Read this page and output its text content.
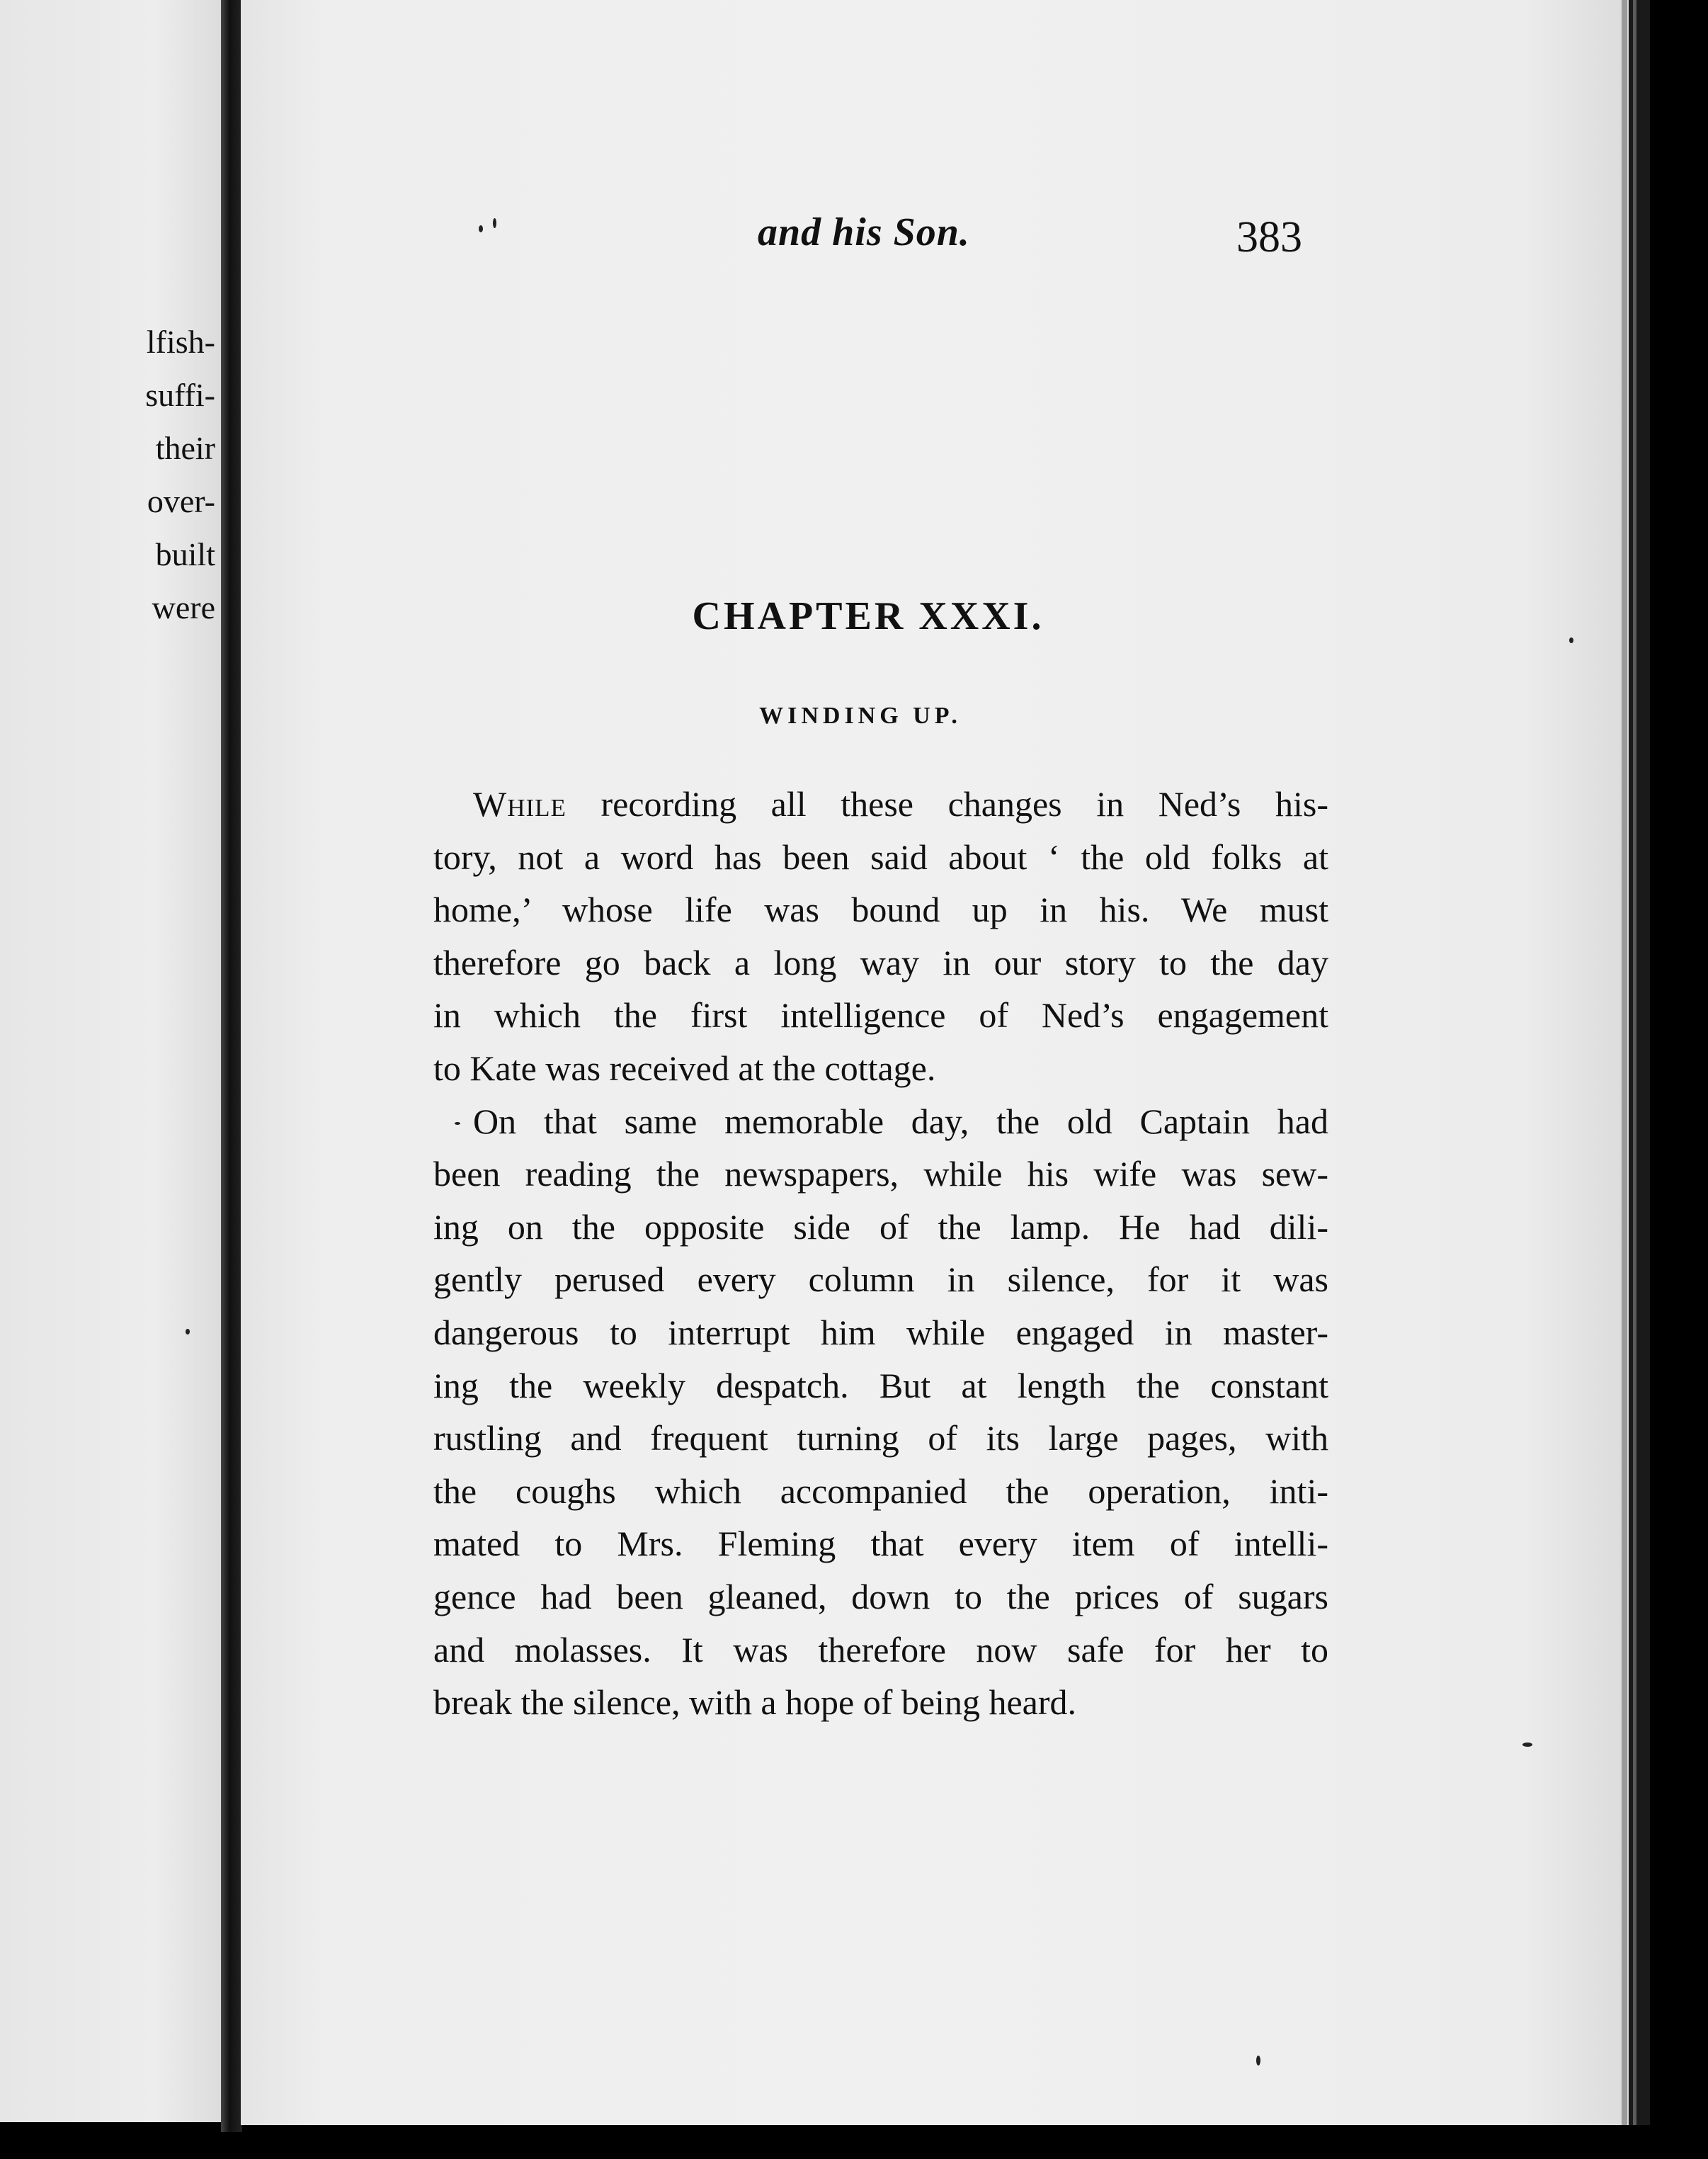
lfish-
suffi-
their
over-
built
were
and his Son.	383
CHAPTER XXXI.
WINDING UP.
While recording all these changes in Ned’s his-
tory, not a word has been said about ‘ the old folks at
home,’ whose life was bound up in his. We must
therefore go back a long way in our story to the day
in which the first intelligence of Ned’s engagement
to Kate was received at the cottage.
On that same memorable day, the old Captain had
been reading the newspapers, while his wife was sew-
ing on the opposite side of the lamp. He had dili-
gently perused every column in silence, for it was
dangerous to interrupt him while engaged in master-
ing the weekly despatch. But at length the constant
rustling and frequent turning of its large pages, with
the coughs which accompanied the operation, inti-
mated to Mrs. Fleming that every item of intelli-
gence had been gleaned, down to the prices of sugars
and molasses. It was therefore now safe for her to
break the silence, with a hope of being heard.
